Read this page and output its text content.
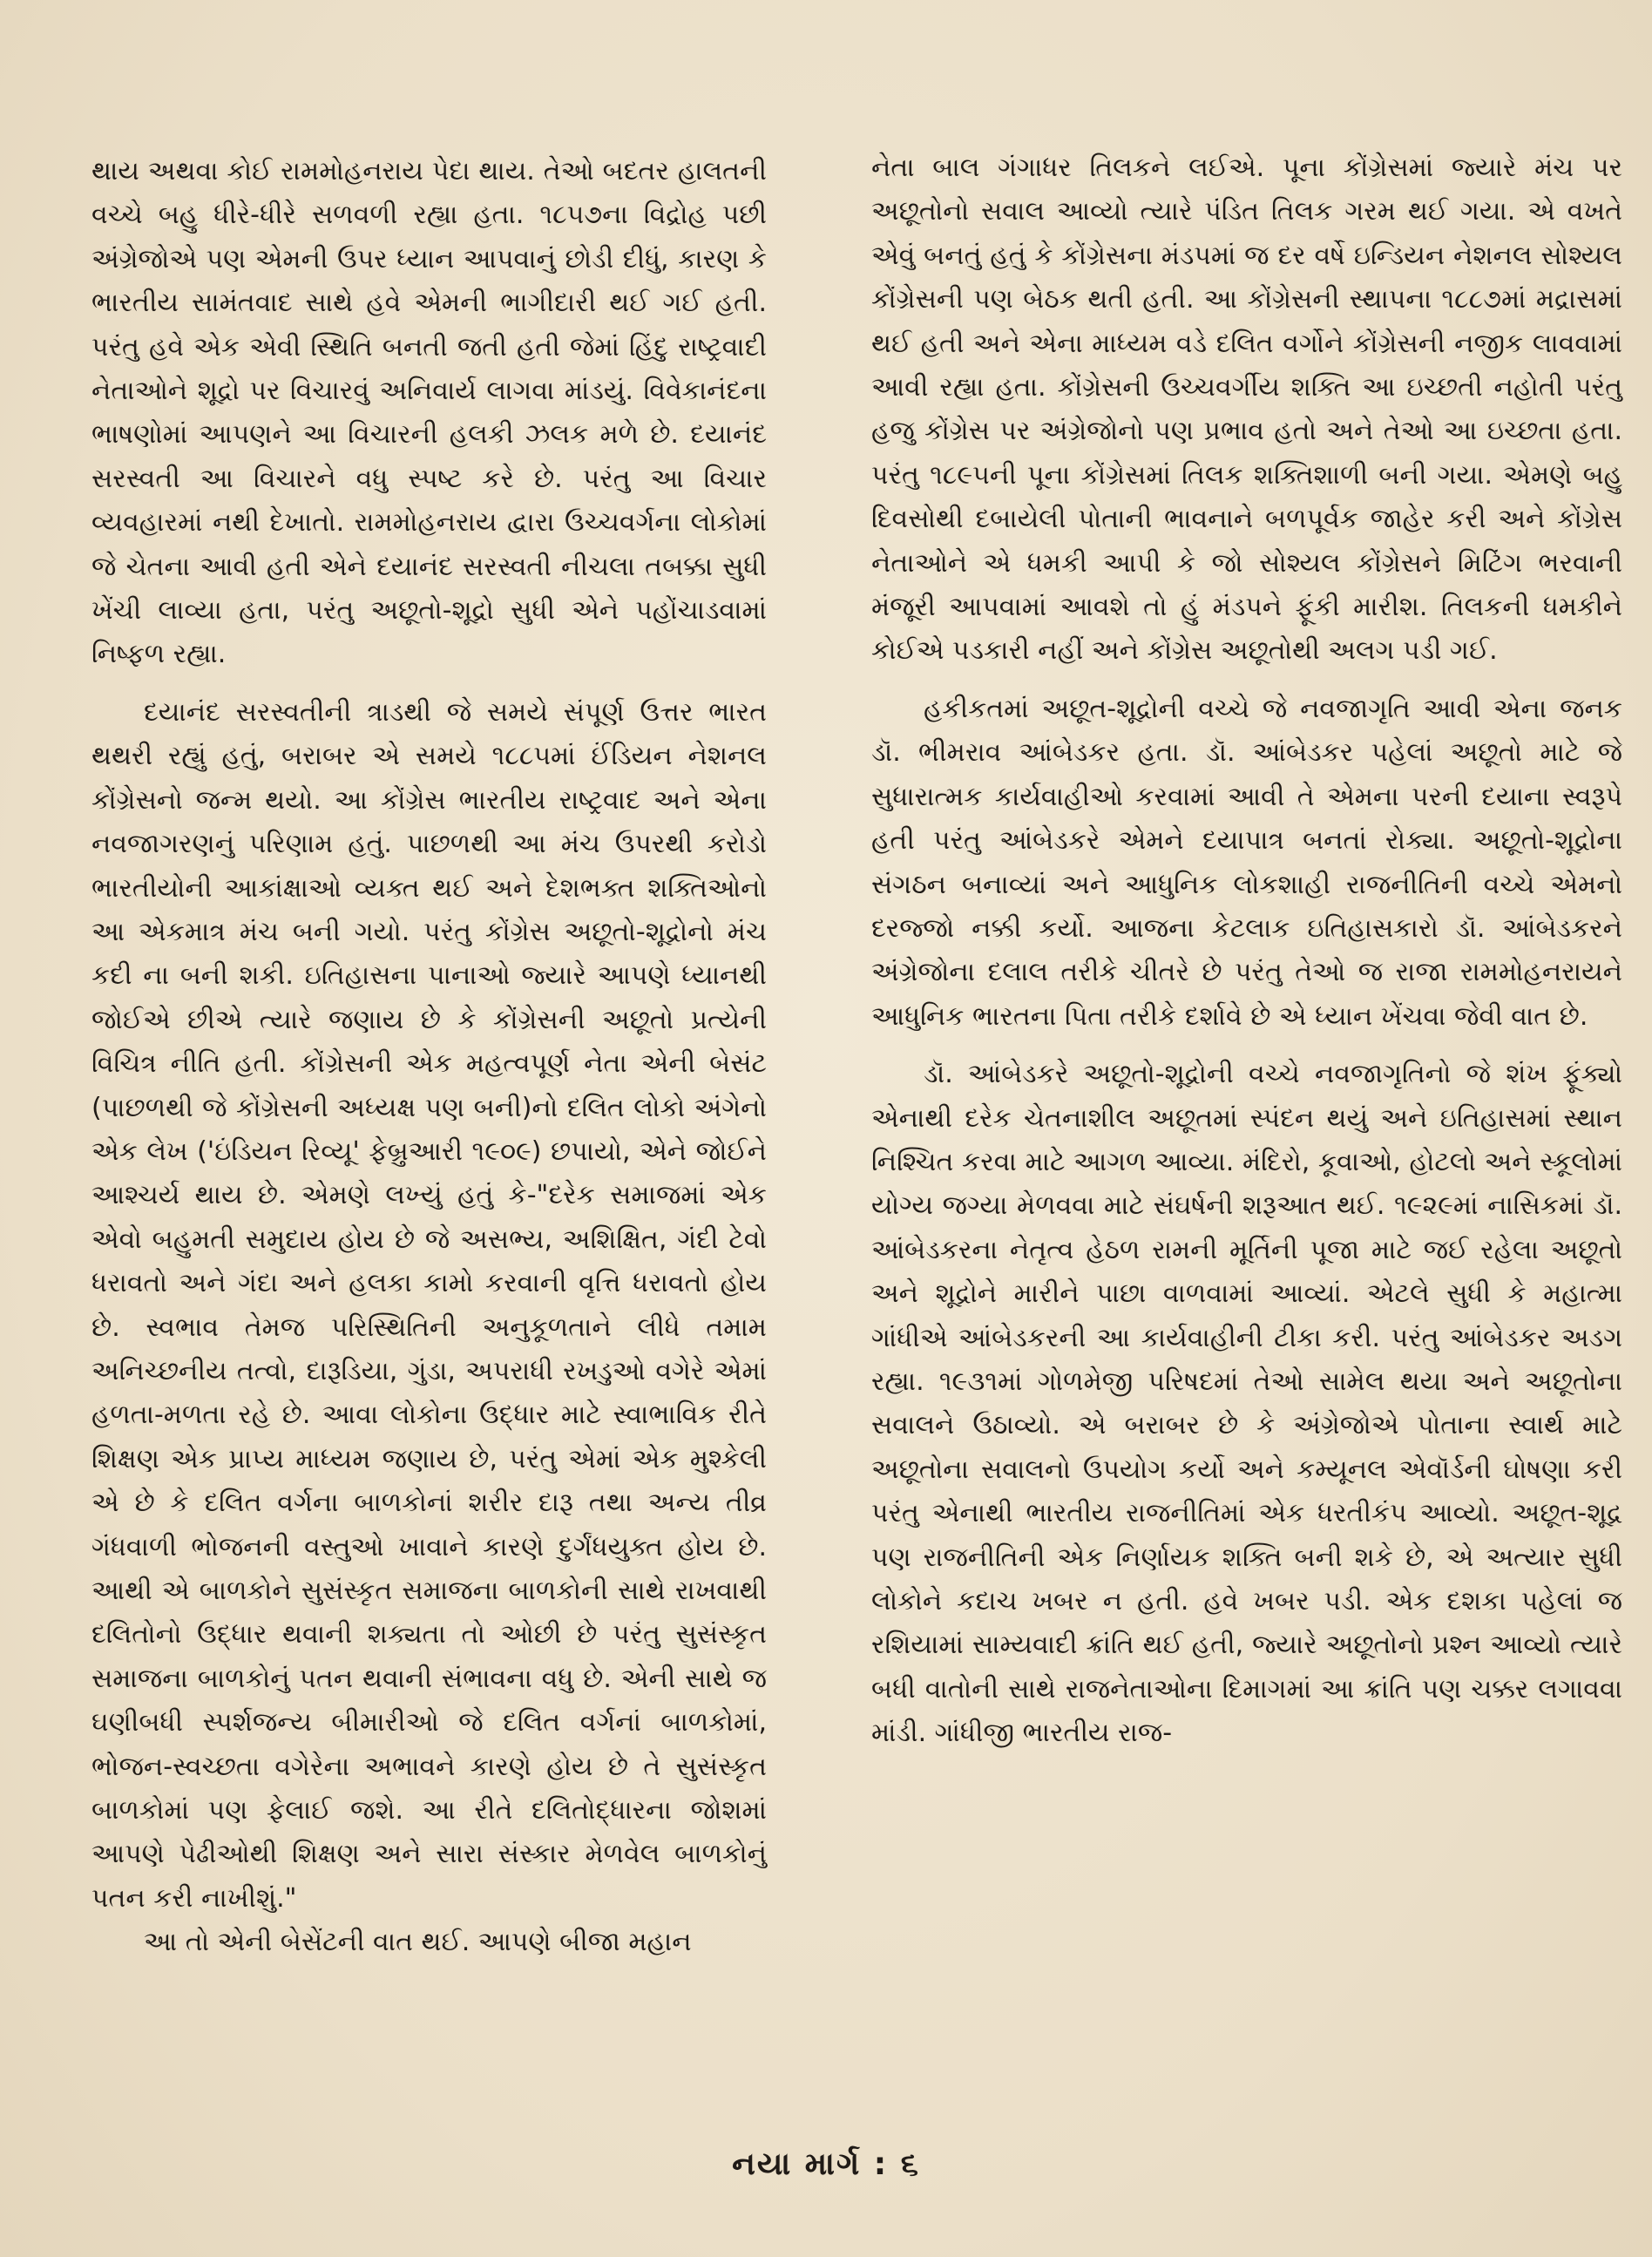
થાય અથવા કોઈ રામમોહનરાય પેદા થાય. તેઓ બદતર હાલતની વચ્ચે બહુ ધીરે-ધીરે સળવળી રહ્યા હતા. ૧૮૫૭ના વિદ્રોહ પછી અંગ્રેજોએ પણ એમની ઉપર ધ્યાન આપવાનું છોડી દીધું, કારણ કે ભારતીય સામંતવાદ સાથે હવે એમની ભાગીદારી થઈ ગઈ હતી. પરંતુ હવે એક એવી સ્થિતિ બનતી જતી હતી જેમાં હિંદુ રાષ્ટ્રવાદી નેતાઓને શૂદ્રો પર વિચારવું અનિવાર્ય લાગવા માંડયું. વિવેકાનંદના ભાષણોમાં આપણને આ વિચારની હલકી ઝલક મળે છે. દયાનંદ સરસ્વતી આ વિચારને વધુ સ્પષ્ટ કરે છે. પરંતુ આ વિચાર વ્યવહારમાં નથી દેખાતો. રામમોહનરાય દ્વારા ઉચ્ચવર્ગના લોકોમાં જે ચેતના આવી હતી એને દયાનંદ સરસ્વતી નીચલા તબક્કા સુધી ખેંચી લાવ્યા હતા, પરંતુ અછૂતો-શૂદ્રો સુધી એને પહોંચાડવામાં નિષ્ફળ રહ્યા.

દયાનંદ સરસ્વતીની ત્રાડથી જે સમયે સંપૂર્ણ ઉત્તર ભારત થથરી રહ્યું હતું, બરાબર એ સમયે ૧૮૮૫માં ઈંડિયન નેશનલ કોંગ્રેસનો જન્મ થયો. આ કોંગ્રેસ ભારતીય રાષ્ટ્રવાદ અને એના નવજાગરણનું પરિણામ હતું. પાછળથી આ મંચ ઉપરથી કરોડો ભારતીયોની આકાંક્ષાઓ વ્યક્ત થઈ અને દેશભક્ત શક્તિઓનો આ એકમાત્ર મંચ બની ગયો. પરંતુ કોંગ્રેસ અછૂતો-શૂદ્રોનો મંચ કદી ના બની શકી. ઇતિહાસના પાનાઓ જ્યારે આપણે ધ્યાનથી જોઈએ છીએ ત્યારે જણાય છે કે કોંગ્રેસની અછૂતો પ્રત્યેની વિચિત્ર નીતિ હતી. કોંગ્રેસની એક મહત્વપૂર્ણ નેતા એની બેસંટ (પાછળથી જે કોંગ્રેસની અધ્યક્ષ પણ બની)નો દલિત લોકો અંગેનો એક લેખ ('ઇંડિયન રિવ્યૂ' ફેબ્રુઆરી ૧૯૦૯) છપાયો, એને જોઈને આશ્ચર્ય થાય છે. એમણે લખ્યું હતું કે-"દરેક સમાજમાં એક એવો બહુમતી સમુદાય હોય છે જે અસભ્ય, અશિક્ષિત, ગંદી ટેવો ધરાવતો અને ગંદા અને હલકા કામો કરવાની વૃત્તિ ધરાવતો હોય છે. સ્વભાવ તેમજ પરિસ્થિતિની અનુકૂળતાને લીધે તમામ અનિચ્છનીય તત્વો, દારૂડિયા, ગુંડા, અપરાધી રખડુઓ વગેરે એમાં હળતા-મળતા રહે છે. આવા લોકોના ઉદ્ધાર માટે સ્વાભાવિક રીતે શિક્ષણ એક પ્રાપ્ય માધ્યમ જણાય છે, પરંતુ એમાં એક મુશ્કેલી એ છે કે દલિત વર્ગના બાળકોનાં શરીર દારૂ તથા અન્ય તીવ્ર ગંધવાળી ભોજનની વસ્તુઓ ખાવાને કારણે દુર્ગંધયુક્ત હોય છે. આથી એ બાળકોને સુસંસ્કૃત સમાજના બાળકોની સાથે રાખવાથી દલિતોનો ઉદ્ધાર થવાની શક્યતા તો ઓછી છે પરંતુ સુસંસ્કૃત સમાજના બાળકોનું પતન થવાની સંભાવના વધુ છે. એની સાથે જ ઘણીબધી સ્પર્શજન્ય બીમારીઓ જે દલિત વર્ગનાં બાળકોમાં, ભોજન-સ્વચ્છતા વગેરેના અભાવને કારણે હોય છે તે સુસંસ્કૃત બાળકોમાં પણ ફેલાઈ જશે. આ રીતે દલિતોદ્ધારના જોશમાં આપણે પેઢીઓથી શિક્ષણ અને સારા સંસ્કાર મેળવેલ બાળકોનું પતન કરી નાખીશું."

આ તો એની બેસેંટની વાત થઈ. આપણે બીજા મહાન

નેતા બાલ ગંગાધર તિલકને લઈએ. પૂના કોંગ્રેસમાં જ્યારે મંચ પર અછૂતોનો સવાલ આવ્યો ત્યારે પંડિત તિલક ગરમ થઈ ગયા. એ વખતે એવું બનતું હતું કે કોંગ્રેસના મંડપમાં જ દર વર્ષે ઇન્ડિયન નેશનલ સોશ્યલ કોંગ્રેસની પણ બેઠક થતી હતી. આ કોંગ્રેસની સ્થાપના ૧૮૮૭માં મદ્રાસમાં થઈ હતી અને એના માધ્યમ વડે દલિત વર્ગોને કોંગ્રેસની નજીક લાવવામાં આવી રહ્યા હતા. કોંગ્રેસની ઉચ્ચવર્ગીય શક્તિ આ ઇચ્છતી નહોતી પરંતુ હજુ કોંગ્રેસ પર અંગ્રેજોનો પણ પ્રભાવ હતો અને તેઓ આ ઇચ્છતા હતા. પરંતુ ૧૮૯૫ની પૂના કોંગ્રેસમાં તિલક શક્તિશાળી બની ગયા. એમણે બહુ દિવસોથી દબાયેલી પોતાની ભાવનાને બળપૂર્વક જાહેર કરી અને કોંગ્રેસ નેતાઓને એ ધમકી આપી કે જો સોશ્યલ કોંગ્રેસને મિટિંગ ભરવાની મંજૂરી આપવામાં આવશે તો હું મંડપને ફૂંકી મારીશ. તિલકની ધમકીને કોઈએ પડકારી નહીં અને કોંગ્રેસ અછૂતોથી અલગ પડી ગઈ.

હકીકતમાં અછૂત-શૂદ્રોની વચ્ચે જે નવજાગૃતિ આવી એના જનક ડૉ. ભીમરાવ આંબેડકર હતા. ડૉ. આંબેડકર પહેલાં અછૂતો માટે જે સુધારાત્મક કાર્યવાહીઓ કરવામાં આવી તે એમના પરની દયાના સ્વરૂપે હતી પરંતુ આંબેડકરે એમને દયાપાત્ર બનતાં રોક્યા. અછૂતો-શૂદ્રોના સંગઠન બનાવ્યાં અને આધુનિક લોકશાહી રાજનીતિની વચ્ચે એમનો દરજ્જો નક્કી કર્યો. આજના કેટલાક ઇતિહાસકારો ડૉ. આંબેડકરને અંગ્રેજોના દલાલ તરીકે ચીતરે છે પરંતુ તેઓ જ રાજા રામમોહનરાયને આધુનિક ભારતના પિતા તરીકે દર્શાવે છે એ ધ્યાન ખેંચવા જેવી વાત છે.

ડૉ. આંબેડકરે અછૂતો-શૂદ્રોની વચ્ચે નવજાગૃતિનો જે શંખ ફૂંક્યો એનાથી દરેક ચેતનાશીલ અછૂતમાં સ્પંદન થયું અને ઇતિહાસમાં સ્થાન નિશ્ચિત કરવા માટે આગળ આવ્યા. મંદિરો, કૂવાઓ, હોટલો અને સ્કૂલોમાં યોગ્ય જગ્યા મેળવવા માટે સંઘર્ષની શરૂઆત થઈ. ૧૯૨૯માં નાસિકમાં ડૉ. આંબેડકરના નેતૃત્વ હેઠળ રામની મૂર્તિની પૂજા માટે જઈ રહેલા અછૂતો અને શૂદ્રોને મારીને પાછા વાળવામાં આવ્યાં. એટલે સુધી કે મહાત્મા ગાંધીએ આંબેડકરની આ કાર્યવાહીની ટીકા કરી. પરંતુ આંબેડકર અડગ રહ્યા. ૧૯૩૧માં ગોળમેજી પરિષદમાં તેઓ સામેલ થયા અને અછૂતોના સવાલને ઉઠાવ્યો. એ બરાબર છે કે અંગ્રેજોએ પોતાના સ્વાર્થ માટે અછૂતોના સવાલનો ઉપયોગ કર્યો અને કમ્યૂનલ એવૉર્ડની ઘોષણા કરી પરંતુ એનાથી ભારતીય રાજનીતિમાં એક ધરતીકંપ આવ્યો. અછૂત-શૂદ્ર પણ રાજનીતિની એક નિર્ણાયક શક્તિ બની શકે છે, એ અત્યાર સુધી લોકોને કદાચ ખબર ન હતી. હવે ખબર પડી. એક દશકા પહેલાં જ રશિયામાં સામ્યવાદી ક્રાંતિ થઈ હતી, જ્યારે અછૂતોનો પ્રશ્ન આવ્યો ત્યારે બધી વાતોની સાથે રાજનેતાઓના દિમાગમાં આ ક્રાંતિ પણ ચક્કર લગાવવા માંડી. ગાંધીજી ભારતીય રાજ-

નયા માર્ગ : ૬
